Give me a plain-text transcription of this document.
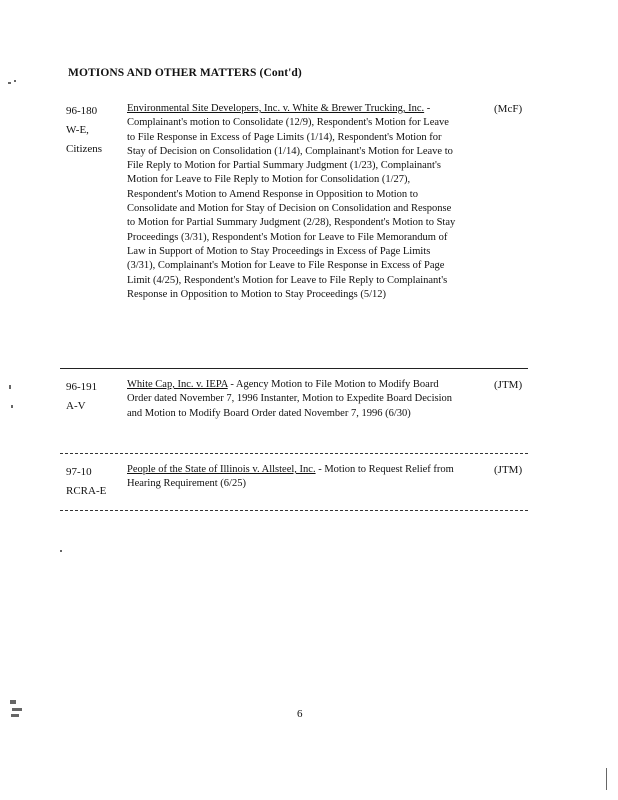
MOTIONS AND OTHER MATTERS (Cont'd)
96-180
W-E,
Citizens
Environmental Site Developers, Inc. v. White & Brewer Trucking, Inc. - Complainant's motion to Consolidate (12/9), Respondent's Motion for Leave to File Response in Excess of Page Limits (1/14), Respondent's Motion for Stay of Decision on Consolidation (1/14), Complainant's Motion for Leave to File Reply to Motion for Partial Summary Judgment (1/23), Complainant's Motion for Leave to File Reply to Motion for Consolidation (1/27), Respondent's Motion to Amend Response in Opposition to Motion to Consolidate and Motion for Stay of Decision on Consolidation and Response to Motion for Partial Summary Judgment (2/28), Respondent's Motion to Stay Proceedings (3/31), Respondent's Motion for Leave to File Memorandum of Law in Support of Motion to Stay Proceedings in Excess of Page Limits (3/31), Complainant's Motion for Leave to File Response in Excess of Page Limit (4/25), Respondent's Motion for Leave to File Reply to Complainant's Response in Opposition to Motion to Stay Proceedings (5/12)
(McF)
96-191
A-V
White Cap, Inc. v. IEPA - Agency Motion to File Motion to Modify Board Order dated November 7, 1996 Instanter, Motion to Expedite Board Decision and Motion to Modify Board Order dated November 7, 1996 (6/30)
(JTM)
97-10
RCRA-E
People of the State of Illinois v. Allsteel, Inc. - Motion to Request Relief from Hearing Requirement (6/25)
(JTM)
6
